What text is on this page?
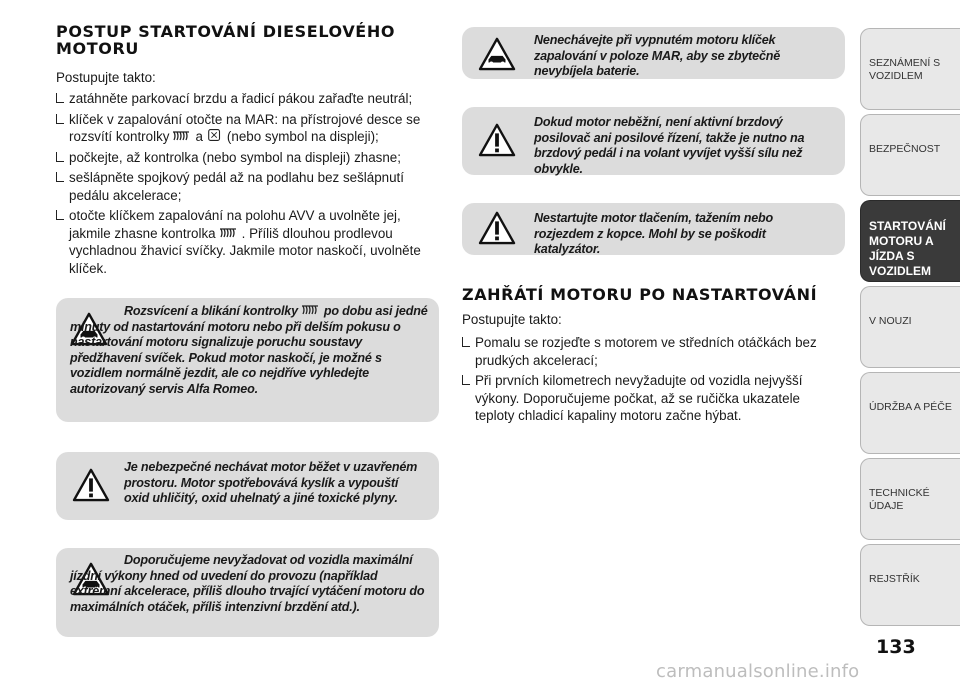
POSTUP STARTOVÁNÍ DIESELOVÉHO
MOTORU
Postupujte takto:
zatáhněte parkovací brzdu a řadicí pákou zařaďte neutrál;
klíček v zapalování otočte na MAR: na přístrojové desce se rozsvítí kontrolky a (nebo symbol na displeji);
počkejte, až kontrolka (nebo symbol na displeji) zhasne;
sešlápněte spojkový pedál až na podlahu bez sešlápnutí pedálu akcelerace;
otočte klíčkem zapalování na polohu AVV a uvolněte jej, jakmile zhasne kontrolka . Příliš dlouhou prodlevou vychladnou žhavicí svíčky. Jakmile motor naskočí, uvolněte klíček.
Rozsvícení a blikání kontrolky po dobu asi jedné minuty od nastartování motoru nebo při delším pokusu o nastartování motoru signalizuje poruchu soustavy předžhavení svíček. Pokud motor naskočí, je možné s vozidlem normálně jezdit, ale co nejdříve vyhledejte autorizovaný servis Alfa Romeo.
Je nebezpečné nechávat motor běžet v uzavřeném prostoru. Motor spotřebovává kyslík a vypouští oxid uhličitý, oxid uhelnatý a jiné toxické plyny.
Doporučujeme nevyžadovat od vozidla maximální jízdní výkony hned od uvedení do provozu (například extrémní akcelerace, příliš dlouho trvající vytáčení motoru do maximálních otáček, příliš intenzivní brzdění atd.).
Nenechávejte při vypnutém motoru klíček zapalování v poloze MAR, aby se zbytečně nevybíjela baterie.
Dokud motor neběžní, není aktivní brzdový posilovač ani posilové řízení, takže je nutno na brzdový pedál i na volant vyvíjet vyšší sílu než obvykle.
Nestartujte motor tlačením, tažením nebo rozjezdem z kopce. Mohl by se poškodit katalyzátor.
ZAHŘÁTÍ MOTORU PO NASTARTOVÁNÍ
Postupujte takto:
Pomalu se rozjeďte s motorem ve středních otáčkách bez prudkých akcelerací;
Při prvních kilometrech nevyžadujte od vozidla nejvyšší výkony. Doporučujeme počkat, až se ručička ukazatele teploty chladicí kapaliny motoru začne hýbat.
SEZNÁMENÍ S VOZIDLEM
BEZPEČNOST
STARTOVÁNÍ MOTORU A JÍZDA S VOZIDLEM
V NOUZI
ÚDRŽBA A PÉČE
TECHNICKÉ ÚDAJE
REJSTŘÍK
133
carmanualsonline.info
